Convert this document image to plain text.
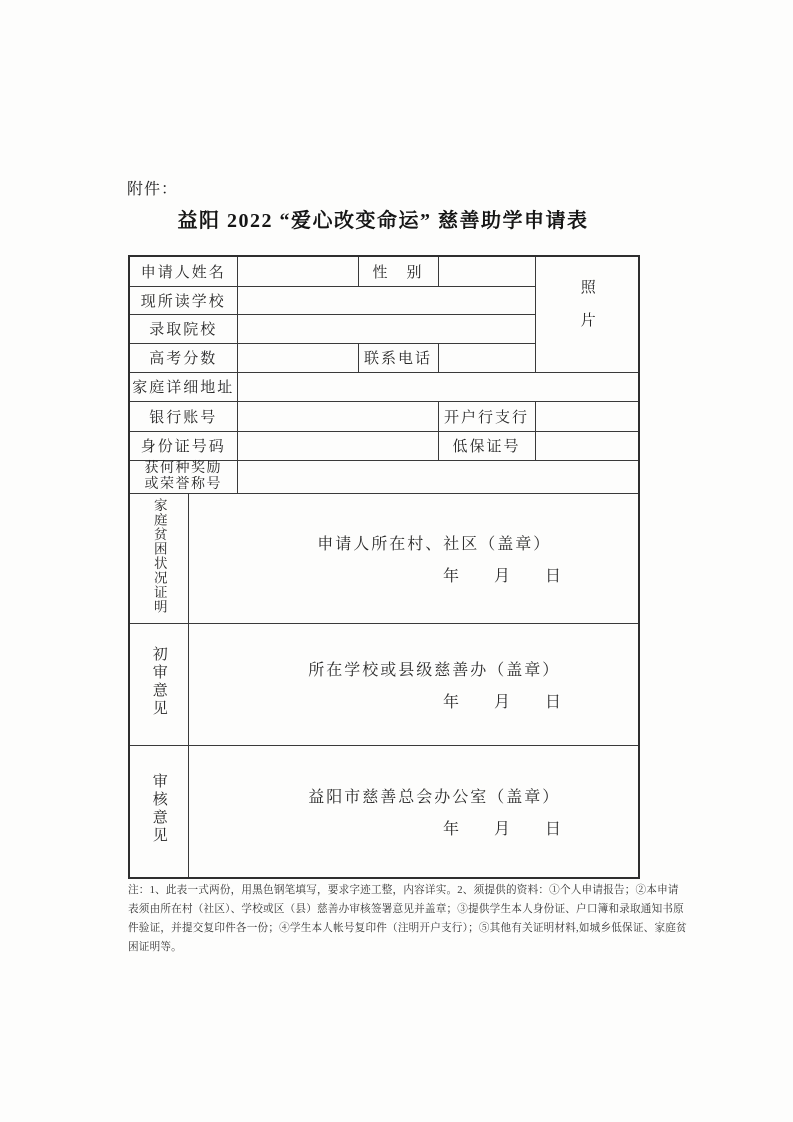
附件：
益阳 2022 “爱心改变命运” 慈善助学申请表
申请人姓名			性　别		照片
现所读学校					
录取院校					
高考分数			联系电话		
家庭详细地址					
银行账号				开户行支行	
身份证号码				低保证号	

获何种奖励或荣誉称号					

家庭贫困状况证明	申请人所在村、社区（盖章）
年　　月　　日				

初审意见	所在学校或县级慈善办（盖章）
年　　月　　日				

审核意见	益阳市慈善总会办公室（盖章）
年　　月　　日				
注：1、此表一式两份，用黑色钢笔填写，要求字迹工整，内容详实。2、须提供的资料：①个人申请报告；②本申请
表须由所在村（社区）、学校或区（县）慈善办审核签署意见并盖章；③提供学生本人身份证、户口簿和录取通知书原
件验证，并提交复印件各一份；④学生本人帐号复印件（注明开户支行）；⑤其他有关证明材料,如城乡低保证、家庭贫
困证明等。
